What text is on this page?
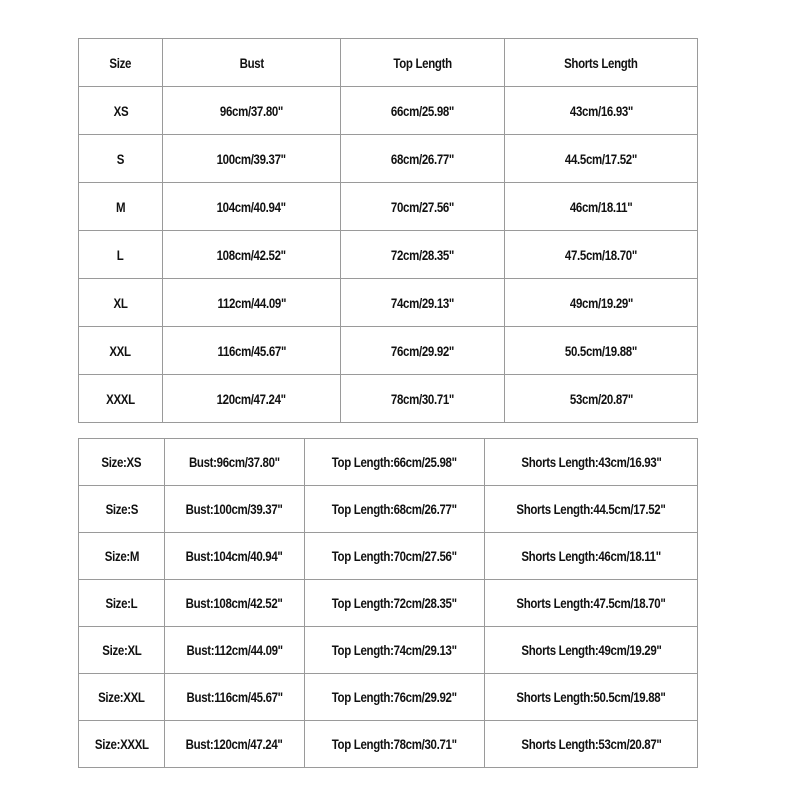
Size	Bust	Top Length	Shorts Length
XS	96cm/37.80"	66cm/25.98"	43cm/16.93"
S	100cm/39.37"	68cm/26.77"	44.5cm/17.52"
M	104cm/40.94"	70cm/27.56"	46cm/18.11"
L	108cm/42.52"	72cm/28.35"	47.5cm/18.70"
XL	112cm/44.09"	74cm/29.13"	49cm/19.29"
XXL	116cm/45.67"	76cm/29.92"	50.5cm/19.88"
XXXL	120cm/47.24"	78cm/30.71"	53cm/20.87"
Size:XS	Bust:96cm/37.80"	Top Length:66cm/25.98"	Shorts Length:43cm/16.93"
Size:S	Bust:100cm/39.37"	Top Length:68cm/26.77"	Shorts Length:44.5cm/17.52"
Size:M	Bust:104cm/40.94"	Top Length:70cm/27.56"	Shorts Length:46cm/18.11"
Size:L	Bust:108cm/42.52"	Top Length:72cm/28.35"	Shorts Length:47.5cm/18.70"
Size:XL	Bust:112cm/44.09"	Top Length:74cm/29.13"	Shorts Length:49cm/19.29"
Size:XXL	Bust:116cm/45.67"	Top Length:76cm/29.92"	Shorts Length:50.5cm/19.88"
Size:XXXL	Bust:120cm/47.24"	Top Length:78cm/30.71"	Shorts Length:53cm/20.87"
